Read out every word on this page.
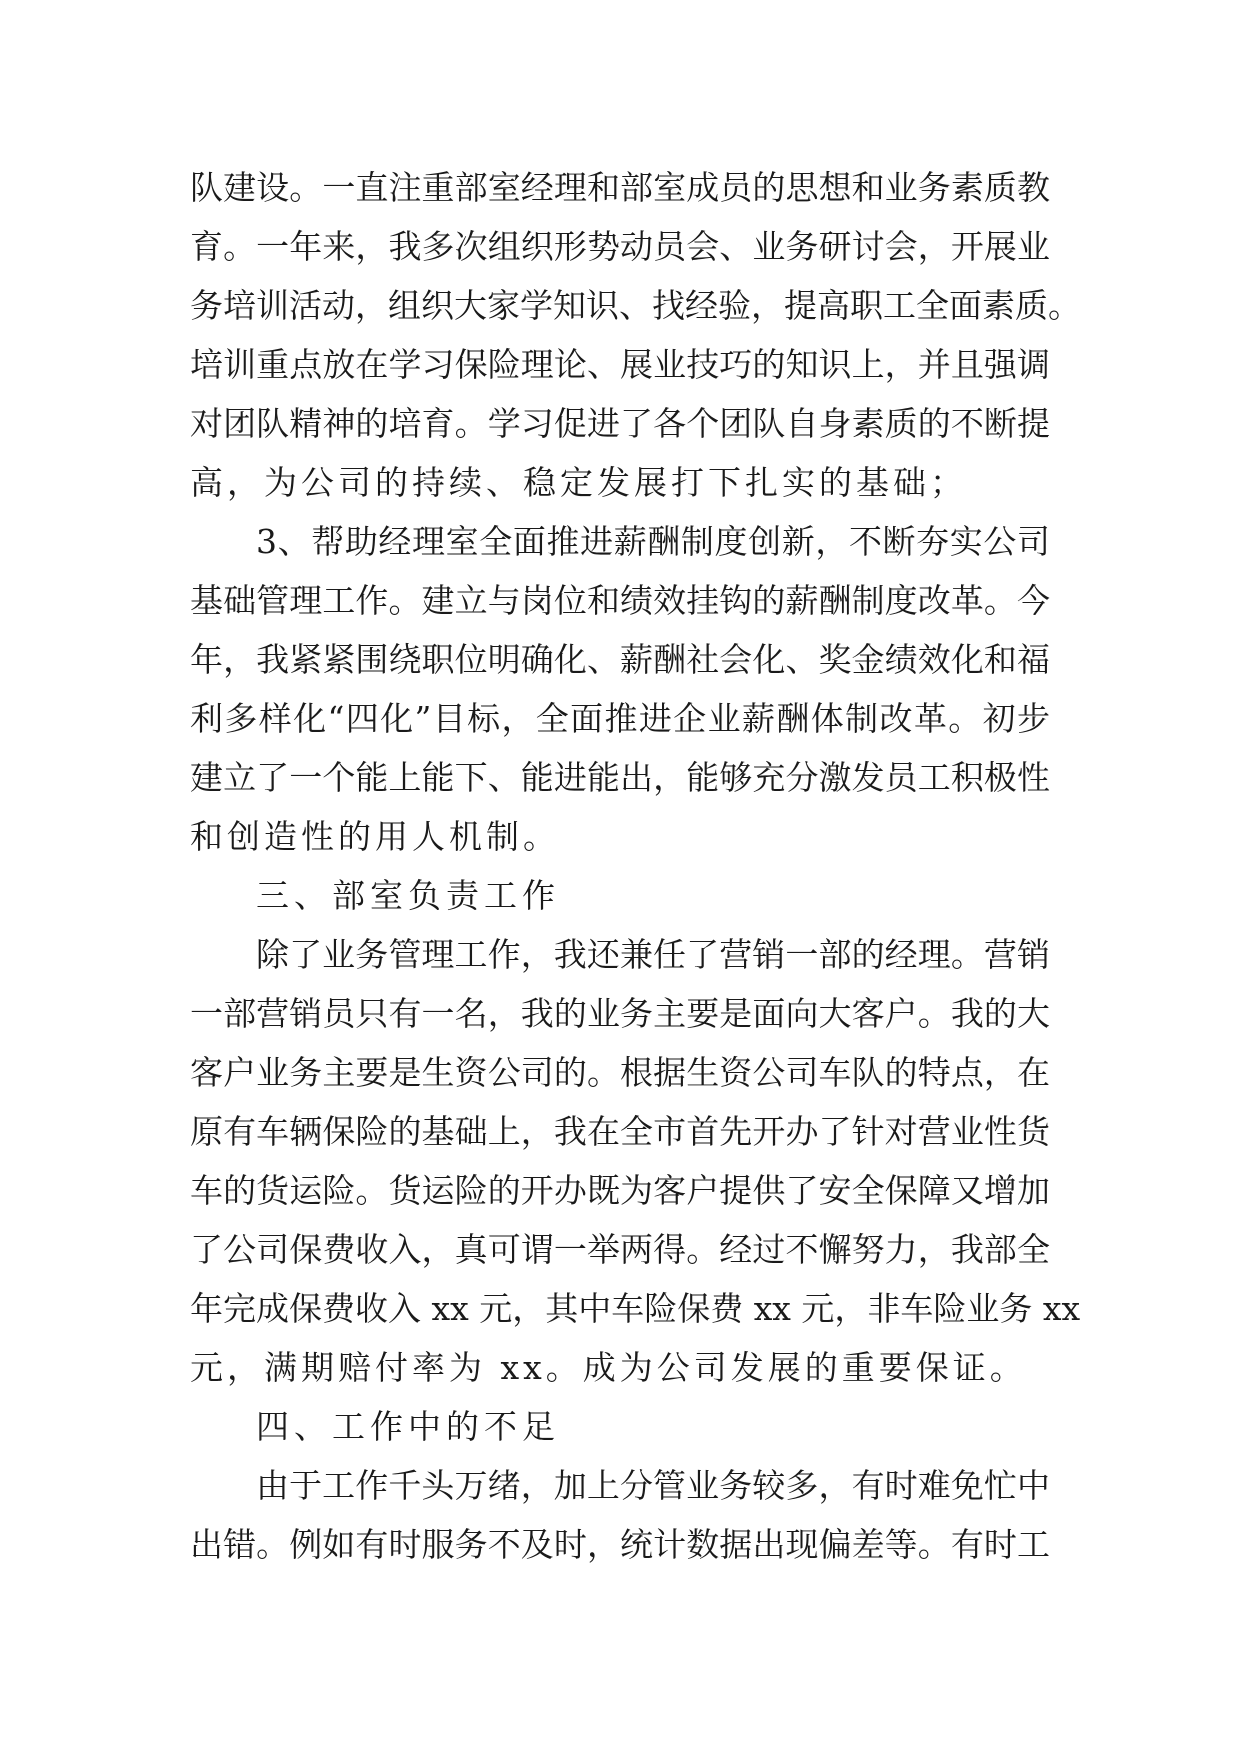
队建设。一直注重部室经理和部室成员的思想和业务素质教
育。一年来，我多次组织形势动员会、业务研讨会，开展业
务培训活动，组织大家学知识、找经验，提高职工全面素质。
培训重点放在学习保险理论、展业技巧的知识上，并且强调
对团队精神的培育。学习促进了各个团队自身素质的不断提
高，为公司的持续、稳定发展打下扎实的基础；
3、帮助经理室全面推进薪酬制度创新，不断夯实公司
基础管理工作。建立与岗位和绩效挂钩的薪酬制度改革。今
年，我紧紧围绕职位明确化、薪酬社会化、奖金绩效化和福
利多样化“四化”目标，全面推进企业薪酬体制改革。初步
建立了一个能上能下、能进能出，能够充分激发员工积极性
和创造性的用人机制。
三、部室负责工作
除了业务管理工作，我还兼任了营销一部的经理。营销
一部营销员只有一名，我的业务主要是面向大客户。我的大
客户业务主要是生资公司的。根据生资公司车队的特点，在
原有车辆保险的基础上，我在全市首先开办了针对营业性货
车的货运险。货运险的开办既为客户提供了安全保障又增加
了公司保费收入，真可谓一举两得。经过不懈努力，我部全
年完成保费收入 xx 元，其中车险保费 xx 元，非车险业务 xx
元，满期赔付率为 xx。成为公司发展的重要保证。
四、工作中的不足
由于工作千头万绪，加上分管业务较多，有时难免忙中
出错。例如有时服务不及时，统计数据出现偏差等。有时工
